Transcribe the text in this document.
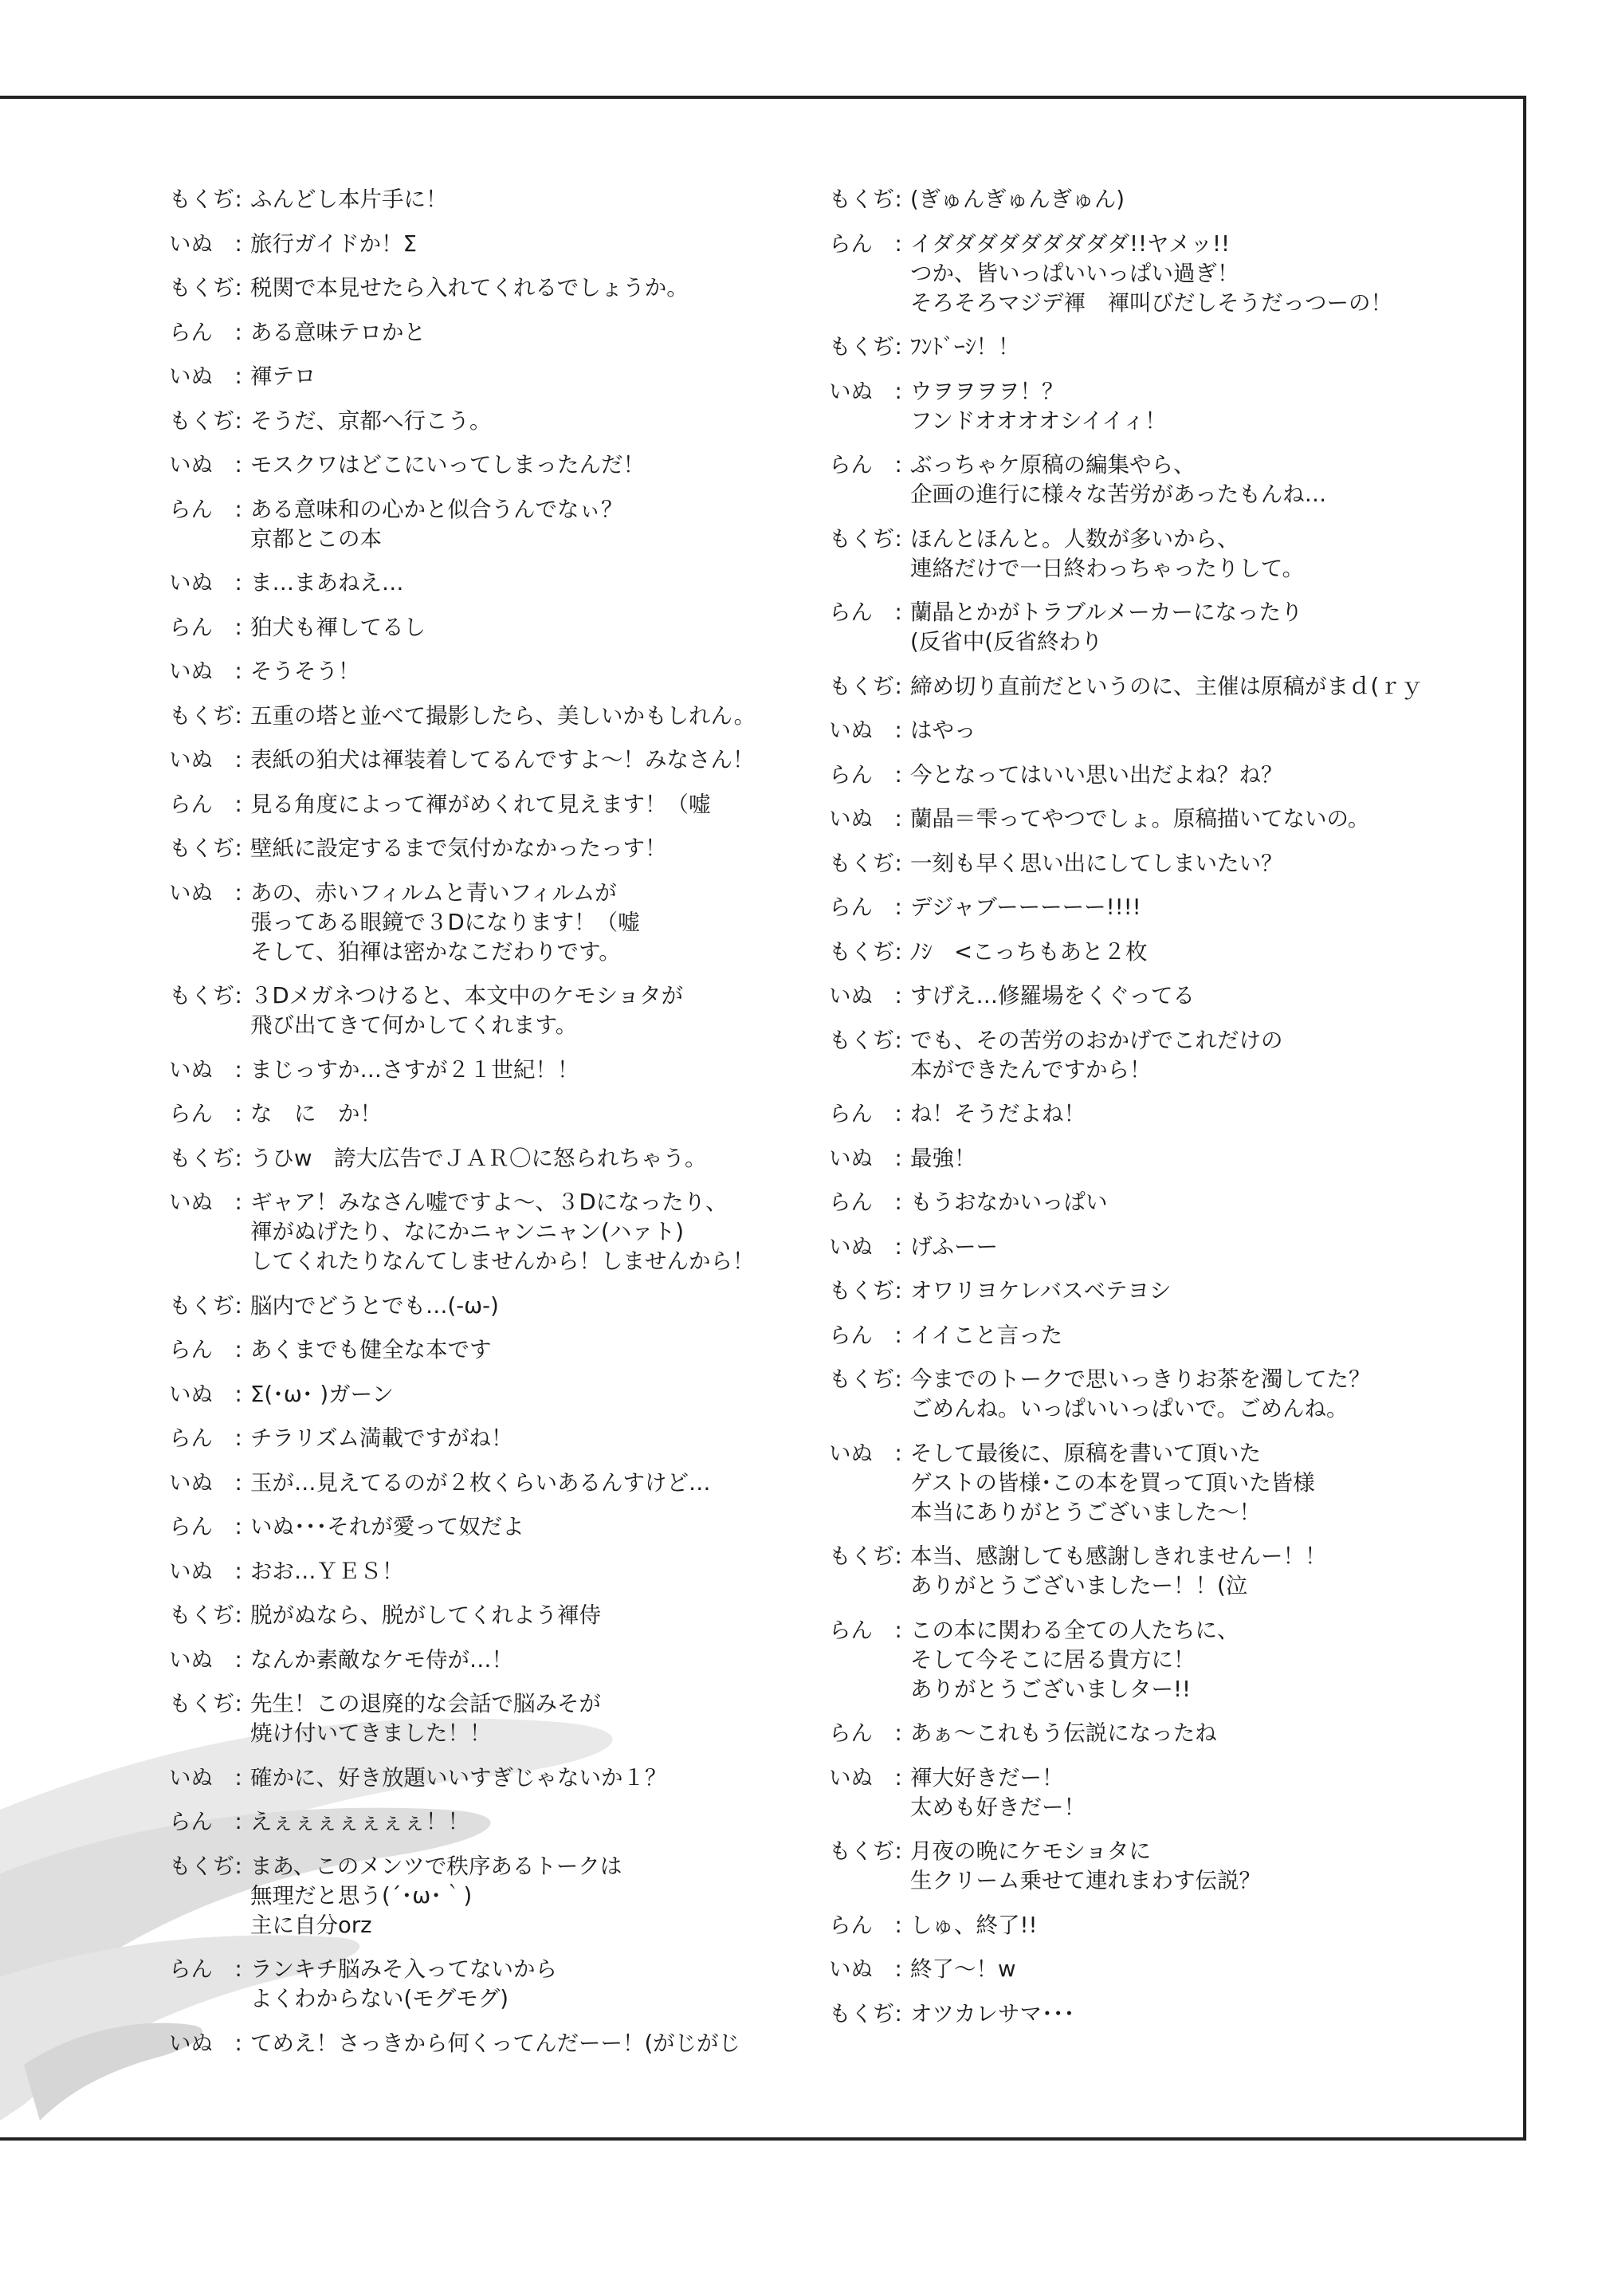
もくぢ: ふんどし本片手に！
いぬ　: 旅行ガイドか！Σ
もくぢ: 税関で本見せたら入れてくれるでしょうか。
らん　: ある意味テロかと
いぬ　: 褌テロ
もくぢ: そうだ、京都へ行こう。
いぬ　: モスクワはどこにいってしまったんだ！
らん　: ある意味和の心かと似合うんでなぃ？
京都とこの本
いぬ　: ま…まあねえ…
らん　: 狛犬も褌してるし
いぬ　: そうそう！
もくぢ: 五重の塔と並べて撮影したら、美しいかもしれん。
いぬ　: 表紙の狛犬は褌装着してるんですよ～！みなさん！
らん　: 見る角度によって褌がめくれて見えます！（嘘
もくぢ: 壁紙に設定するまで気付かなかったっす！
いぬ　: あの、赤いフィルムと青いフィルムが
張ってある眼鏡で３Dになります！（嘘
そして、狛褌は密かなこだわりです。
もくぢ: ３Dメガネつけると、本文中のケモショタが
飛び出てきて何かしてくれます。
いぬ　: まじっすか…さすが２１世紀！！
らん　: な　に　か！
もくぢ: うひw　誇大広告でＪＡＲ〇に怒られちゃう。
いぬ　: ギャア！みなさん嘘ですよ～、３Dになったり、
褌がぬげたり、なにかニャンニャン(ハァト)
してくれたりなんてしませんから！しませんから！
もくぢ: 脳内でどうとでも…(-ω-)
らん　: あくまでも健全な本です
いぬ　: Σ(･ω･ )ガーン
らん　: チラリズム満載ですがね！
いぬ　: 玉が…見えてるのが２枚くらいあるんすけど…
らん　: いぬ･･･それが愛って奴だよ
いぬ　: おお…ＹＥＳ！
もくぢ: 脱がぬなら、脱がしてくれよう褌侍
いぬ　: なんか素敵なケモ侍が…！
もくぢ: 先生！この退廃的な会話で脳みそが
焼け付いてきました！！
いぬ　: 確かに、好き放題いいすぎじゃないか１？
らん　: えぇぇぇぇぇぇぇ！！
もくぢ: まあ、このメンツで秩序あるトークは
無理だと思う(´･ω･｀)
主に自分orz
らん　: ランキチ脳みそ入ってないから
よくわからない(モグモグ)
いぬ　: てめえ！さっきから何くってんだーー！(がじがじ
もくぢ: (ぎゅんぎゅんぎゅん)
らん　: イダダダダダダダダダ!!ヤメッ!!
つか、皆いっぱいいっぱい過ぎ！
そろそろマジデ褌　褌叫びだしそうだっつーの！
もくぢ: ﾌﾝﾄﾞｰｼ！！
いぬ　: ウヲヲヲヲ！？
フンドオオオオシイイィ！
らん　: ぶっちゃケ原稿の編集やら、
企画の進行に様々な苦労があったもんね…
もくぢ: ほんとほんと。人数が多いから、
連絡だけで一日終わっちゃったりして。
らん　: 蘭晶とかがトラブルメーカーになったり
(反省中(反省終わり
もくぢ: 締め切り直前だというのに、主催は原稿がまｄ(ｒｙ
いぬ　: はやっ
らん　: 今となってはいい思い出だよね？ね？
いぬ　: 蘭晶＝雫ってやつでしょ。原稿描いてないの。
もくぢ: 一刻も早く思い出にしてしまいたい？
らん　: デジャブーーーーー!!!!
もくぢ: ﾉｼ　<こっちもあと２枚
いぬ　: すげえ…修羅場をくぐってる
もくぢ: でも、その苦労のおかげでこれだけの
本ができたんですから！
らん　: ね！そうだよね！
いぬ　: 最強！
らん　: もうおなかいっぱい
いぬ　: げふーー
もくぢ: オワリヨケレバスベテヨシ
らん　: イイこと言った
もくぢ: 今までのトークで思いっきりお茶を濁してた？
ごめんね。いっぱいいっぱいで。ごめんね。
いぬ　: そして最後に、原稿を書いて頂いた
ゲストの皆様･この本を買って頂いた皆様
本当にありがとうございました～！
もくぢ: 本当、感謝しても感謝しきれませんー！！
ありがとうございましたー！！(泣
らん　: この本に関わる全ての人たちに、
そして今そこに居る貴方に！
ありがとうございましター!!
らん　: あぁ～これもう伝説になったね
いぬ　: 褌大好きだー！
太めも好きだー！
もくぢ: 月夜の晩にケモショタに
生クリーム乗せて連れまわす伝説？
らん　: しゅ、終了!!
いぬ　: 終了～！w
もくぢ: オツカレサマ･･･
